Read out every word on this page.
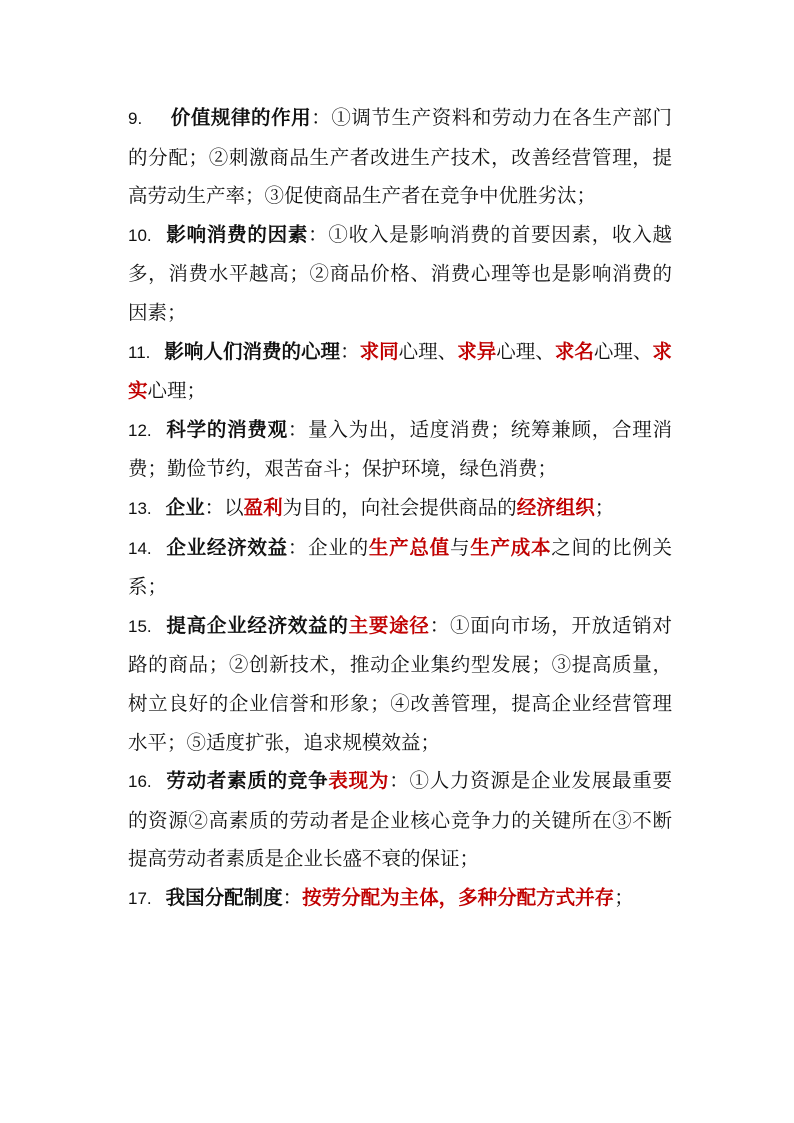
9. 价值规律的作用：①调节生产资料和劳动力在各生产部门的分配；②刺激商品生产者改进生产技术，改善经营管理，提高劳动生产率；③促使商品生产者在竞争中优胜劣汰；

10. 影响消费的因素：①收入是影响消费的首要因素，收入越多，消费水平越高；②商品价格、消费心理等也是影响消费的因素；

11. 影响人们消费的心理：求同心理、求异心理、求名心理、求实心理；

12. 科学的消费观：量入为出，适度消费；统筹兼顾，合理消费；勤俭节约，艰苦奋斗；保护环境，绿色消费；

13. 企业：以盈利为目的，向社会提供商品的经济组织；

14. 企业经济效益：企业的生产总值与生产成本之间的比例关系；

15. 提高企业经济效益的主要途径：①面向市场，开放适销对路的商品；②创新技术，推动企业集约型发展；③提高质量，树立良好的企业信誉和形象；④改善管理，提高企业经营管理水平；⑤适度扩张，追求规模效益；

16. 劳动者素质的竞争表现为：①人力资源是企业发展最重要的资源②高素质的劳动者是企业核心竞争力的关键所在③不断提高劳动者素质是企业长盛不衰的保证；

17. 我国分配制度：按劳分配为主体，多种分配方式并存；
